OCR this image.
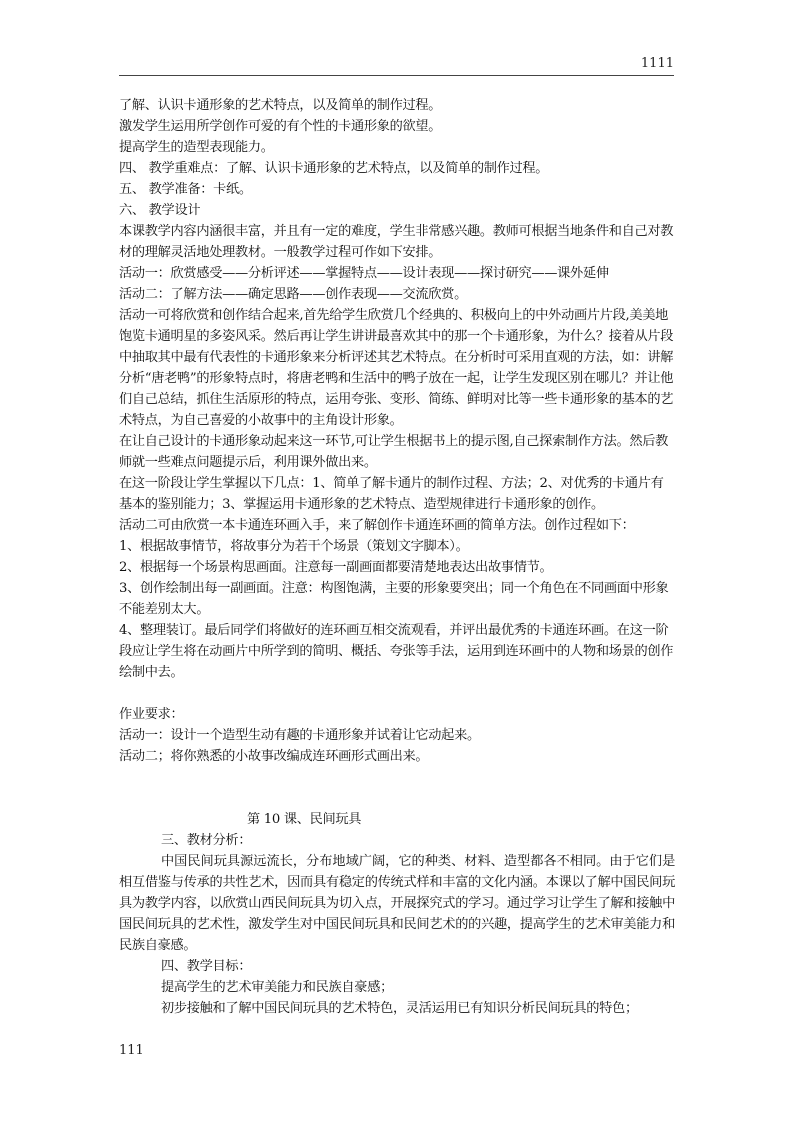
1111

了解、认识卡通形象的艺术特点，以及简单的制作过程。

激发学生运用所学创作可爱的有个性的卡通形象的欲望。

提高学生的造型表现能力。

四、 教学重难点：了解、认识卡通形象的艺术特点，以及简单的制作过程。

五、 教学准备：卡纸。

六、 教学设计

本课教学内容内涵很丰富，并且有一定的难度，学生非常感兴趣。教师可根据当地条件和自己对教材的理解灵活地处理教材。一般教学过程可作如下安排。

活动一：欣赏感受——分析评述——掌握特点——设计表现——探讨研究——课外延伸

活动二：了解方法——确定思路——创作表现——交流欣赏。

活动一可将欣赏和创作结合起来,首先给学生欣赏几个经典的、积极向上的中外动画片片段,美美地饱览卡通明星的多姿风采。然后再让学生讲讲最喜欢其中的那一个卡通形象，为什么？接着从片段中抽取其中最有代表性的卡通形象来分析评述其艺术特点。在分析时可采用直观的方法，如：讲解分析“唐老鸭”的形象特点时，将唐老鸭和生活中的鸭子放在一起，让学生发现区别在哪儿？并让他们自己总结，抓住生活原形的特点，运用夸张、变形、简练、鲜明对比等一些卡通形象的基本的艺术特点，为自己喜爱的小故事中的主角设计形象。

在让自己设计的卡通形象动起来这一环节,可让学生根据书上的提示图,自己探索制作方法。然后教师就一些难点问题提示后，利用课外做出来。

在这一阶段让学生掌握以下几点：1、简单了解卡通片的制作过程、方法；2、对优秀的卡通片有基本的鉴别能力；3、掌握运用卡通形象的艺术特点、造型规律进行卡通形象的创作。

活动二可由欣赏一本卡通连环画入手，来了解创作卡通连环画的简单方法。创作过程如下：

1、根据故事情节，将故事分为若干个场景（策划文字脚本）。

2、根据每一个场景构思画面。注意每一副画面都要清楚地表达出故事情节。

3、创作绘制出每一副画面。注意：构图饱满，主要的形象要突出；同一个角色在不同画面中形象不能差别太大。

4、整理装订。最后同学们将做好的连环画互相交流观看，并评出最优秀的卡通连环画。在这一阶段应让学生将在动画片中所学到的简明、概括、夸张等手法，运用到连环画中的人物和场景的创作绘制中去。

作业要求：

活动一：设计一个造型生动有趣的卡通形象并试着让它动起来。

活动二；将你熟悉的小故事改编成连环画形式画出来。

第 10 课、民间玩具

三、教材分析：

中国民间玩具源远流长，分布地域广阔，它的种类、材料、造型都各不相同。由于它们是相互借鉴与传承的共性艺术，因而具有稳定的传统式样和丰富的文化内涵。本课以了解中国民间玩具为教学内容，以欣赏山西民间玩具为切入点，开展探究式的学习。通过学习让学生了解和接触中国民间玩具的艺术性，激发学生对中国民间玩具和民间艺术的的兴趣，提高学生的艺术审美能力和民族自豪感。

四、教学目标：

提高学生的艺术审美能力和民族自豪感；

初步接触和了解中国民间玩具的艺术特色，灵活运用已有知识分析民间玩具的特色；

111
